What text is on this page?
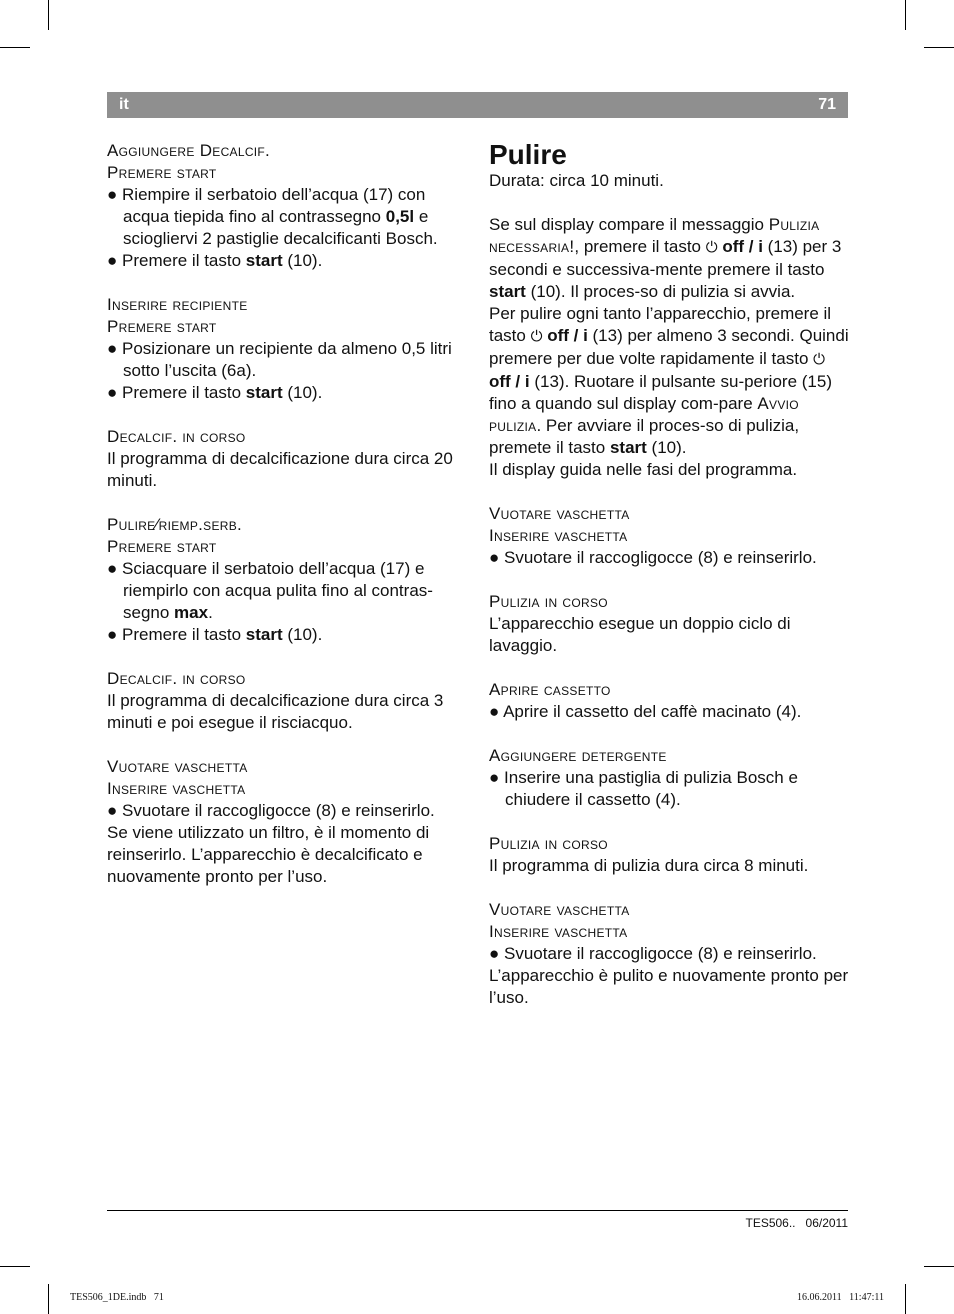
it	71

Aggiungere Decalcif.

Premere start

● Riempire il serbatoio dell’acqua (17) con acqua tiepida fino al contrassegno 0,5l e sciogliervi 2 pastiglie decalcificanti Bosch.

● Premere il tasto start (10).

Inserire recipiente

Premere start

● Posizionare un recipiente da almeno 0,5 litri sotto l’uscita (6a).

● Premere il tasto start (10).

Decalcif. in corso

Il programma di decalcificazione dura circa 20 minuti.

Pulire⁄riemp.serb.

Premere start

● Sciacquare il serbatoio dell’acqua (17) e riempirlo con acqua pulita fino al contras-segno max.

● Premere il tasto start (10).

Decalcif. in corso

Il programma di decalcificazione dura circa 3 minuti e poi esegue il risciacquo.

Vuotare vaschetta

Inserire vaschetta

● Svuotare il raccogligocce (8) e reinserirlo.

Se viene utilizzato un filtro, è il momento di reinserirlo. L’apparecchio è decalcificato e nuovamente pronto per l’uso.

Pulire

Durata: circa 10 minuti.

Se sul display compare il messaggio Pulizia necessaria!, premere il tasto ⏻ off / i (13) per 3 secondi e successiva-mente premere il tasto start (10). Il proces-so di pulizia si avvia.

Per pulire ogni tanto l’apparecchio, premere il tasto ⏻ off / i (13) per almeno 3 secondi. Quindi premere per due volte rapidamente il tasto ⏻ off / i (13). Ruotare il pulsante su-periore (15) fino a quando sul display com-pare Avvio pulizia. Per avviare il proces-so di pulizia, premete il tasto start (10).

Il display guida nelle fasi del programma.

Vuotare vaschetta

Inserire vaschetta

● Svuotare il raccogligocce (8) e reinserirlo.

Pulizia in corso

L’apparecchio esegue un doppio ciclo di lavaggio.

Aprire cassetto

● Aprire il cassetto del caffè macinato (4).

Aggiungere detergente

● Inserire una pastiglia di pulizia Bosch e chiudere il cassetto (4).

Pulizia in corso

Il programma di pulizia dura circa 8 minuti.

Vuotare vaschetta

Inserire vaschetta

● Svuotare il raccogligocce (8) e reinserirlo.

L’apparecchio è pulito e nuovamente pronto per l’uso.

TES506..   06/2011
TES506_1DE.indb   71	16.06.2011   11:47:11
